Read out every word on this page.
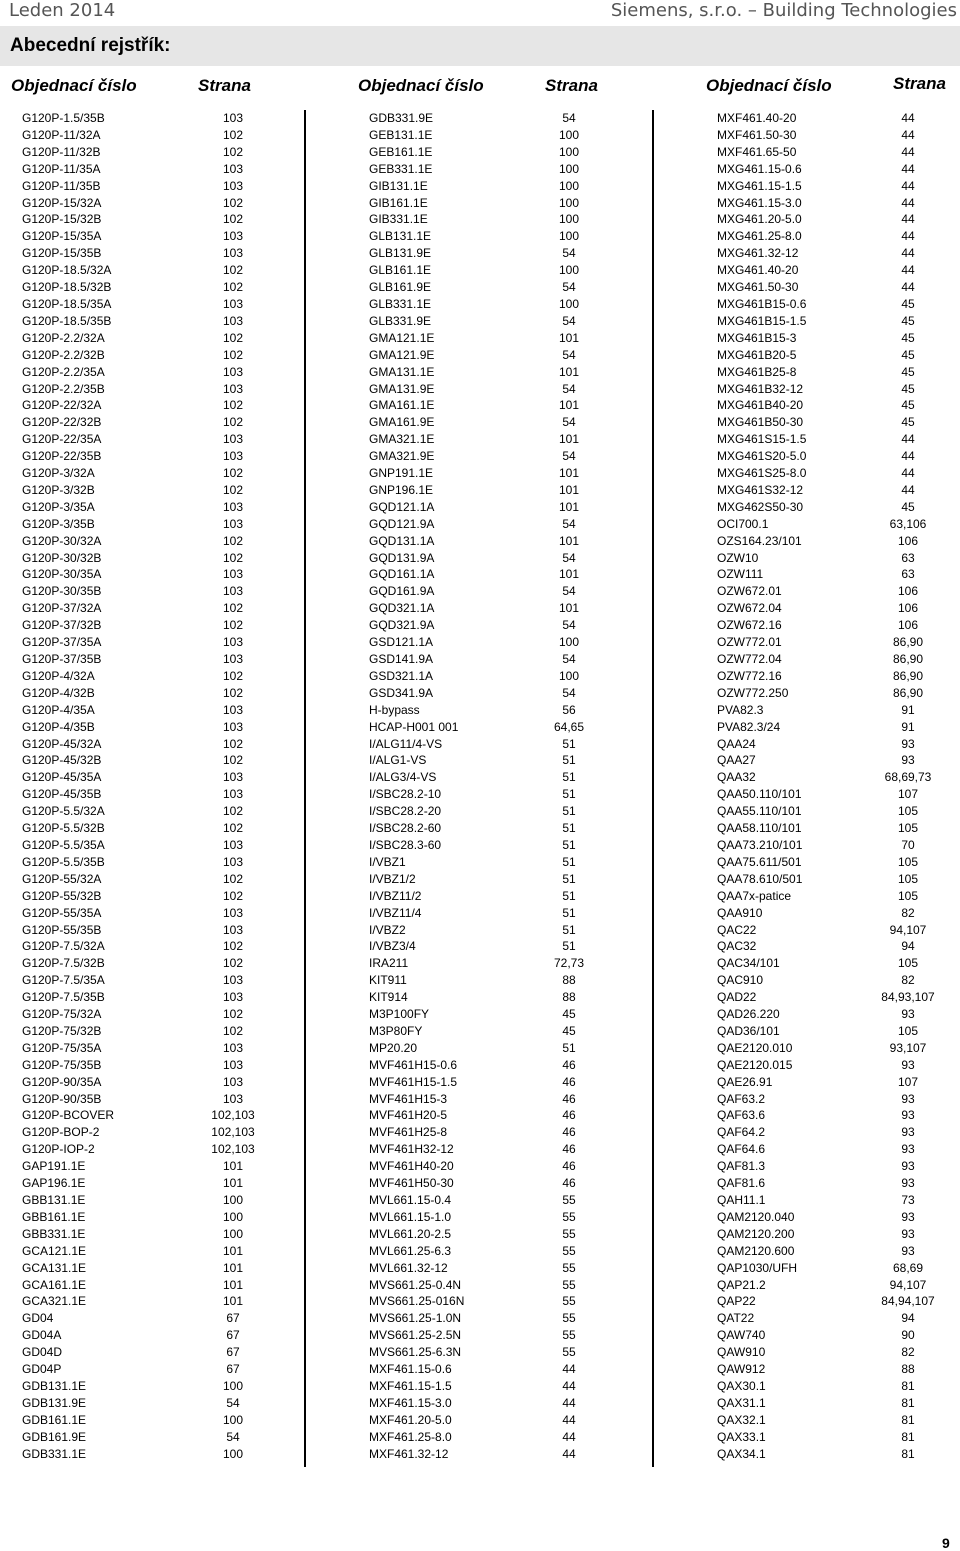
Leden 2014	Siemens, s.r.o. – Building Technologies
Abecední rejstřík:
Objednací číslo	Strana	Objednací číslo	Strana	Objednací číslo	Strana
G120P-1.5/35B	103
G120P-11/32A	102
G120P-11/32B	102
G120P-11/35A	103
G120P-11/35B	103
G120P-15/32A	102
G120P-15/32B	102
G120P-15/35A	103
G120P-15/35B	103
G120P-18.5/32A	102
G120P-18.5/32B	102
G120P-18.5/35A	103
G120P-18.5/35B	103
G120P-2.2/32A	102
G120P-2.2/32B	102
G120P-2.2/35A	103
G120P-2.2/35B	103
G120P-22/32A	102
G120P-22/32B	102
G120P-22/35A	103
G120P-22/35B	103
G120P-3/32A	102
G120P-3/32B	102
G120P-3/35A	103
G120P-3/35B	103
G120P-30/32A	102
G120P-30/32B	102
G120P-30/35A	103
G120P-30/35B	103
G120P-37/32A	102
G120P-37/32B	102
G120P-37/35A	103
G120P-37/35B	103
G120P-4/32A	102
G120P-4/32B	102
G120P-4/35A	103
G120P-4/35B	103
G120P-45/32A	102
G120P-45/32B	102
G120P-45/35A	103
G120P-45/35B	103
G120P-5.5/32A	102
G120P-5.5/32B	102
G120P-5.5/35A	103
G120P-5.5/35B	103
G120P-55/32A	102
G120P-55/32B	102
G120P-55/35A	103
G120P-55/35B	103
G120P-7.5/32A	102
G120P-7.5/32B	102
G120P-7.5/35A	103
G120P-7.5/35B	103
G120P-75/32A	102
G120P-75/32B	102
G120P-75/35A	103
G120P-75/35B	103
G120P-90/35A	103
G120P-90/35B	103
G120P-BCOVER	102,103
G120P-BOP-2	102,103
G120P-IOP-2	102,103
GAP191.1E	101
GAP196.1E	101
GBB131.1E	100
GBB161.1E	100
GBB331.1E	100
GCA121.1E	101
GCA131.1E	101
GCA161.1E	101
GCA321.1E	101
GD04	67
GD04A	67
GD04D	67
GD04P	67
GDB131.1E	100
GDB131.9E	54
GDB161.1E	100
GDB161.9E	54
GDB331.1E	100
GDB331.9E	54
GEB131.1E	100
GEB161.1E	100
GEB331.1E	100
GIB131.1E	100
GIB161.1E	100
GIB331.1E	100
GLB131.1E	100
GLB131.9E	54
GLB161.1E	100
GLB161.9E	54
GLB331.1E	100
GLB331.9E	54
GMA121.1E	101
GMA121.9E	54
GMA131.1E	101
GMA131.9E	54
GMA161.1E	101
GMA161.9E	54
GMA321.1E	101
GMA321.9E	54
GNP191.1E	101
GNP196.1E	101
GQD121.1A	101
GQD121.9A	54
GQD131.1A	101
GQD131.9A	54
GQD161.1A	101
GQD161.9A	54
GQD321.1A	101
GQD321.9A	54
GSD121.1A	100
GSD141.9A	54
GSD321.1A	100
GSD341.9A	54
H-bypass	56
HCAP-H001 001	64,65
I/ALG11/4-VS	51
I/ALG1-VS	51
I/ALG3/4-VS	51
I/SBC28.2-10	51
I/SBC28.2-20	51
I/SBC28.2-60	51
I/SBC28.3-60	51
I/VBZ1	51
I/VBZ1/2	51
I/VBZ11/2	51
I/VBZ11/4	51
I/VBZ2	51
I/VBZ3/4	51
IRA211	72,73
KIT911	88
KIT914	88
M3P100FY	45
M3P80FY	45
MP20.20	51
MVF461H15-0.6	46
MVF461H15-1.5	46
MVF461H15-3	46
MVF461H20-5	46
MVF461H25-8	46
MVF461H32-12	46
MVF461H40-20	46
MVF461H50-30	46
MVL661.15-0.4	55
MVL661.15-1.0	55
MVL661.20-2.5	55
MVL661.25-6.3	55
MVL661.32-12	55
MVS661.25-0.4N	55
MVS661.25-016N	55
MVS661.25-1.0N	55
MVS661.25-2.5N	55
MVS661.25-6.3N	55
MXF461.15-0.6	44
MXF461.15-1.5	44
MXF461.15-3.0	44
MXF461.20-5.0	44
MXF461.25-8.0	44
MXF461.32-12	44
MXF461.40-20	44
MXF461.50-30	44
MXF461.65-50	44
MXG461.15-0.6	44
MXG461.15-1.5	44
MXG461.15-3.0	44
MXG461.20-5.0	44
MXG461.25-8.0	44
MXG461.32-12	44
MXG461.40-20	44
MXG461.50-30	44
MXG461B15-0.6	45
MXG461B15-1.5	45
MXG461B15-3	45
MXG461B20-5	45
MXG461B25-8	45
MXG461B32-12	45
MXG461B40-20	45
MXG461B50-30	45
MXG461S15-1.5	44
MXG461S20-5.0	44
MXG461S25-8.0	44
MXG461S32-12	44
MXG462S50-30	45
OCI700.1	63,106
OZS164.23/101	106
OZW10	63
OZW111	63
OZW672.01	106
OZW672.04	106
OZW672.16	106
OZW772.01	86,90
OZW772.04	86,90
OZW772.16	86,90
OZW772.250	86,90
PVA82.3	91
PVA82.3/24	91
QAA24	93
QAA27	93
QAA32	68,69,73
QAA50.110/101	107
QAA55.110/101	105
QAA58.110/101	105
QAA73.210/101	70
QAA75.611/501	105
QAA78.610/501	105
QAA7x-patice	105
QAA910	82
QAC22	94,107
QAC32	94
QAC34/101	105
QAC910	82
QAD22	84,93,107
QAD26.220	93
QAD36/101	105
QAE2120.010	93,107
QAE2120.015	93
QAE26.91	107
QAF63.2	93
QAF63.6	93
QAF64.2	93
QAF64.6	93
QAF81.3	93
QAF81.6	93
QAH11.1	73
QAM2120.040	93
QAM2120.200	93
QAM2120.600	93
QAP1030/UFH	68,69
QAP21.2	94,107
QAP22	84,94,107
QAT22	94
QAW740	90
QAW910	82
QAW912	88
QAX30.1	81
QAX31.1	81
QAX32.1	81
QAX33.1	81
QAX34.1	81
9
